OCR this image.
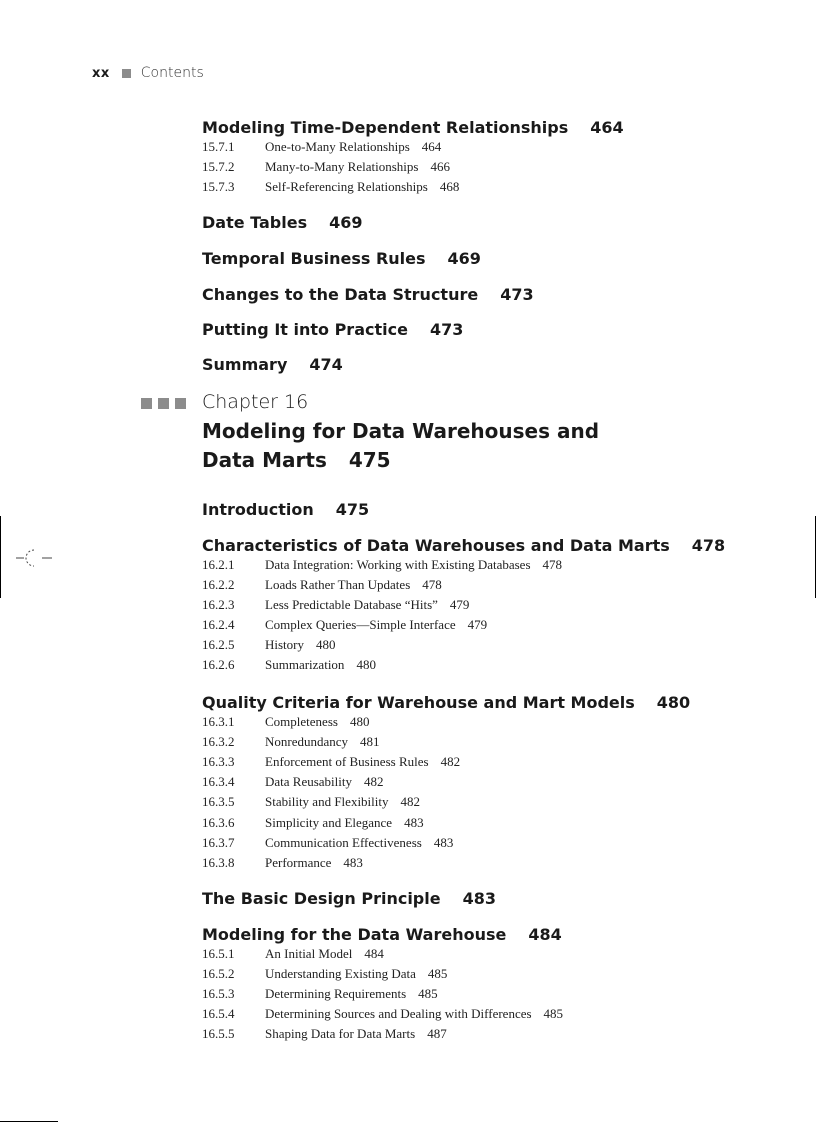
xx Contents
Modeling Time-Dependent Relationships 464
15.7.1 One-to-Many Relationships 464
15.7.2 Many-to-Many Relationships 466
15.7.3 Self-Referencing Relationships 468
Date Tables 469
Temporal Business Rules 469
Changes to the Data Structure 473
Putting It into Practice 473
Summary 474
Chapter 16
Modeling for Data Warehouses and
Data Marts 475
Introduction 475
Characteristics of Data Warehouses and Data Marts 478
16.2.1 Data Integration: Working with Existing Databases 478
16.2.2 Loads Rather Than Updates 478
16.2.3 Less Predictable Database “Hits” 479
16.2.4 Complex Queries—Simple Interface 479
16.2.5 History 480
16.2.6 Summarization 480
Quality Criteria for Warehouse and Mart Models 480
16.3.1 Completeness 480
16.3.2 Nonredundancy 481
16.3.3 Enforcement of Business Rules 482
16.3.4 Data Reusability 482
16.3.5 Stability and Flexibility 482
16.3.6 Simplicity and Elegance 483
16.3.7 Communication Effectiveness 483
16.3.8 Performance 483
The Basic Design Principle 483
Modeling for the Data Warehouse 484
16.5.1 An Initial Model 484
16.5.2 Understanding Existing Data 485
16.5.3 Determining Requirements 485
16.5.4 Determining Sources and Dealing with Differences 485
16.5.5 Shaping Data for Data Marts 487
